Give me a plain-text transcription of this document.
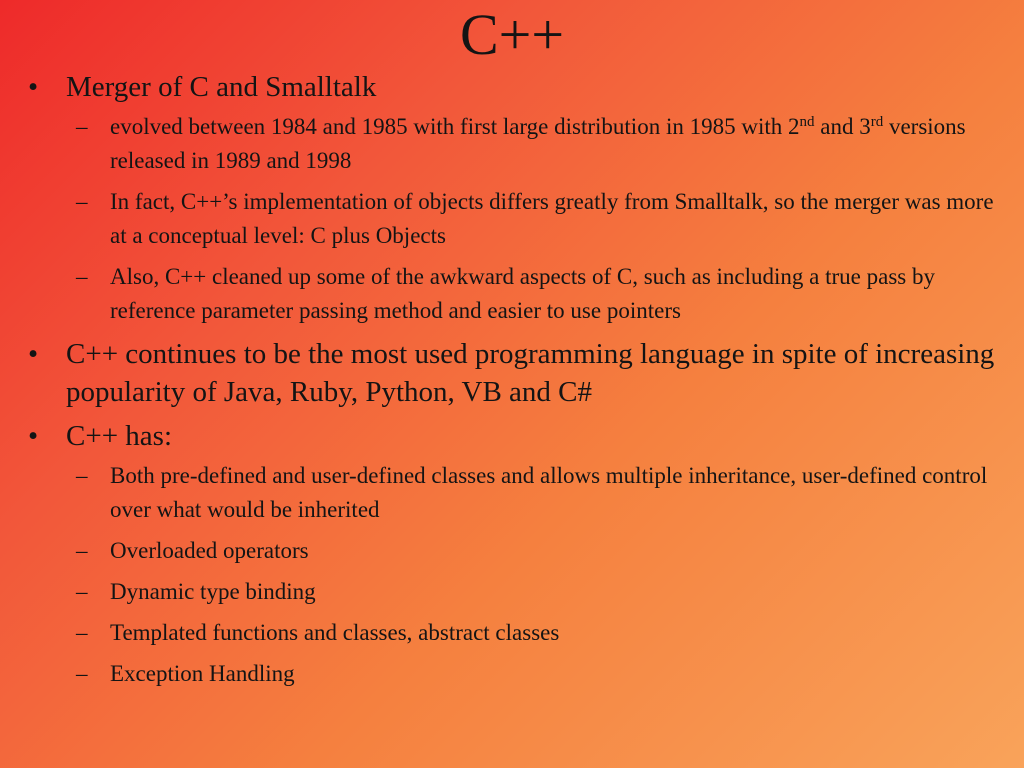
C++
• Merger of C and Smalltalk
– evolved between 1984 and 1985 with first large distribution in 1985 with 2nd and 3rd versions released in 1989 and 1998
– In fact, C++’s implementation of objects differs greatly from Smalltalk, so the merger was more at a conceptual level: C plus Objects
– Also, C++ cleaned up some of the awkward aspects of C, such as including a true pass by reference parameter passing method and easier to use pointers
• C++ continues to be the most used programming language in spite of increasing popularity of Java, Ruby, Python, VB and C#
• C++ has:
– Both pre-defined and user-defined classes and allows multiple inheritance, user-defined control over what would be inherited
– Overloaded operators
– Dynamic type binding
– Templated functions and classes, abstract classes
– Exception Handling
